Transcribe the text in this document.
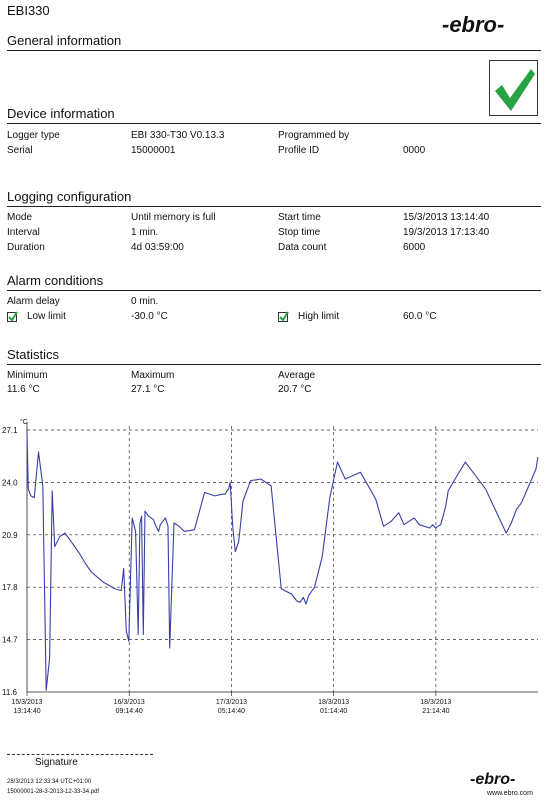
EBI330
-ebro-
General information
Device information
Logger type	EBI 330-T30 V0.13.3	Programmed by
Serial	15000001	Profile ID	0000
Logging configuration
Mode	Until memory is full	Start time	15/3/2013 13:14:40
Interval	1 min.	Stop time	19/3/2013 17:13:40
Duration	4d 03:59:00	Data count	6000
Alarm conditions
Alarm delay	0 min.
Low limit	-30.0 °C	High limit	60.0 °C
Statistics
Minimum	Maximum	Average
11.6 °C	27.1 °C	20.7 °C
27.1
24.0
20.9
17.8
14.7
11.6
°C
15/3/2013
13:14:40
16/3/2013
09:14:40
17/3/2013
05:14:40
18/3/2013
01:14:40
18/3/2013
21:14:40
Signature
28/3/2013 12:33:34 UTC+01:00
15000001-28-3-2013-12-33-34.pdf
-ebro-
www.ebro.com
